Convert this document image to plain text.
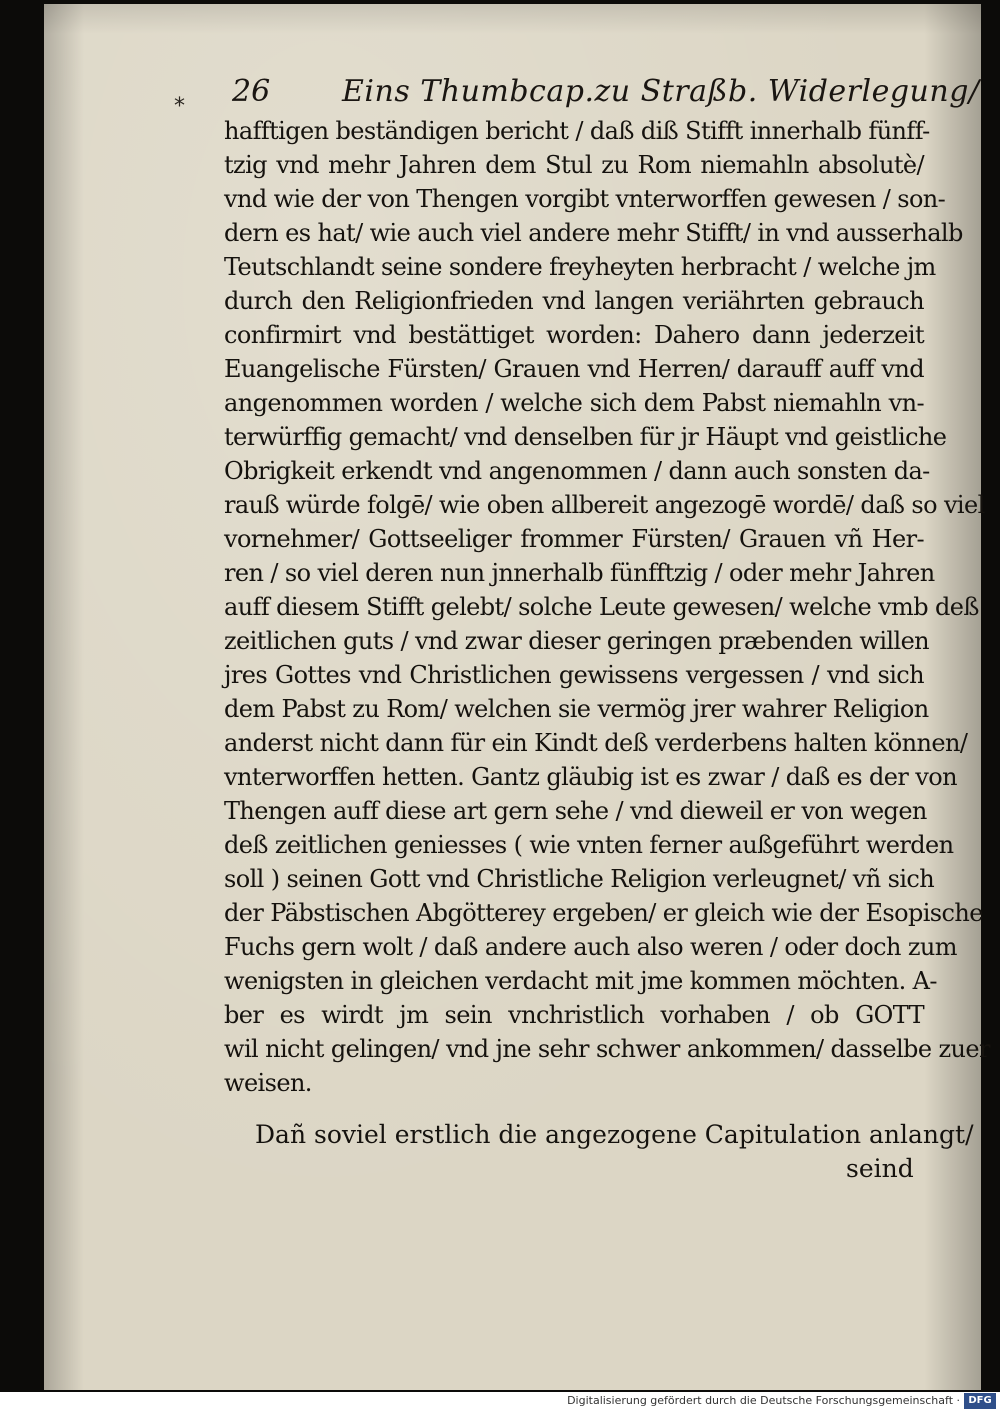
26 Eins Thumbcap.zu Straßb. Widerlegung/
*
hafftigen beständigen bericht / daß diß Stifft innerhalb fünff-
tzig vnd mehr Jahren dem Stul zu Rom niemahln absolutè/
vnd wie der von Thengen vorgibt vnterworffen gewesen / son-
dern es hat/ wie auch viel andere mehr Stifft/ in vnd ausserhalb
Teutschlandt seine sondere freyheyten herbracht / welche jm
durch den Religionfrieden vnd langen veriährten gebrauch
confirmirt vnd bestättiget worden: Dahero dann jederzeit
Euangelische Fürsten/ Grauen vnd Herren/ darauff auff vnd
angenommen worden / welche sich dem Pabst niemahln vn-
terwürffig gemacht/ vnd denselben für jr Häupt vnd geistliche
Obrigkeit erkendt vnd angenommen / dann auch sonsten da-
rauß würde folgē/ wie oben allbereit angezogē wordē/ daß so viel
vornehmer/ Gottseeliger frommer Fürsten/ Grauen vñ Her-
ren / so viel deren nun jnnerhalb fünfftzig / oder mehr Jahren
auff diesem Stifft gelebt/ solche Leute gewesen/ welche vmb deß
zeitlichen guts / vnd zwar dieser geringen præbenden willen
jres Gottes vnd Christlichen gewissens vergessen / vnd sich
dem Pabst zu Rom/ welchen sie vermög jrer wahrer Religion
anderst nicht dann für ein Kindt deß verderbens halten können/
vnterworffen hetten. Gantz gläubig ist es zwar / daß es der von
Thengen auff diese art gern sehe / vnd dieweil er von wegen
deß zeitlichen geniesses ( wie vnten ferner außgeführt werden
soll ) seinen Gott vnd Christliche Religion verleugnet/ vñ sich
der Päbstischen Abgötterey ergeben/ er gleich wie der Esopische
Fuchs gern wolt / daß andere auch also weren / oder doch zum
wenigsten in gleichen verdacht mit jme kommen möchten. A-
ber es wirdt jm sein vnchristlich vorhaben / ob GOTT
wil nicht gelingen/ vnd jne sehr schwer ankommen/ dasselbe zuer
weisen.
Dañ soviel erstlich die angezogene Capitulation anlangt/
seind
Digitalisierung gefördert durch die Deutsche Forschungsgemeinschaft · DFG
